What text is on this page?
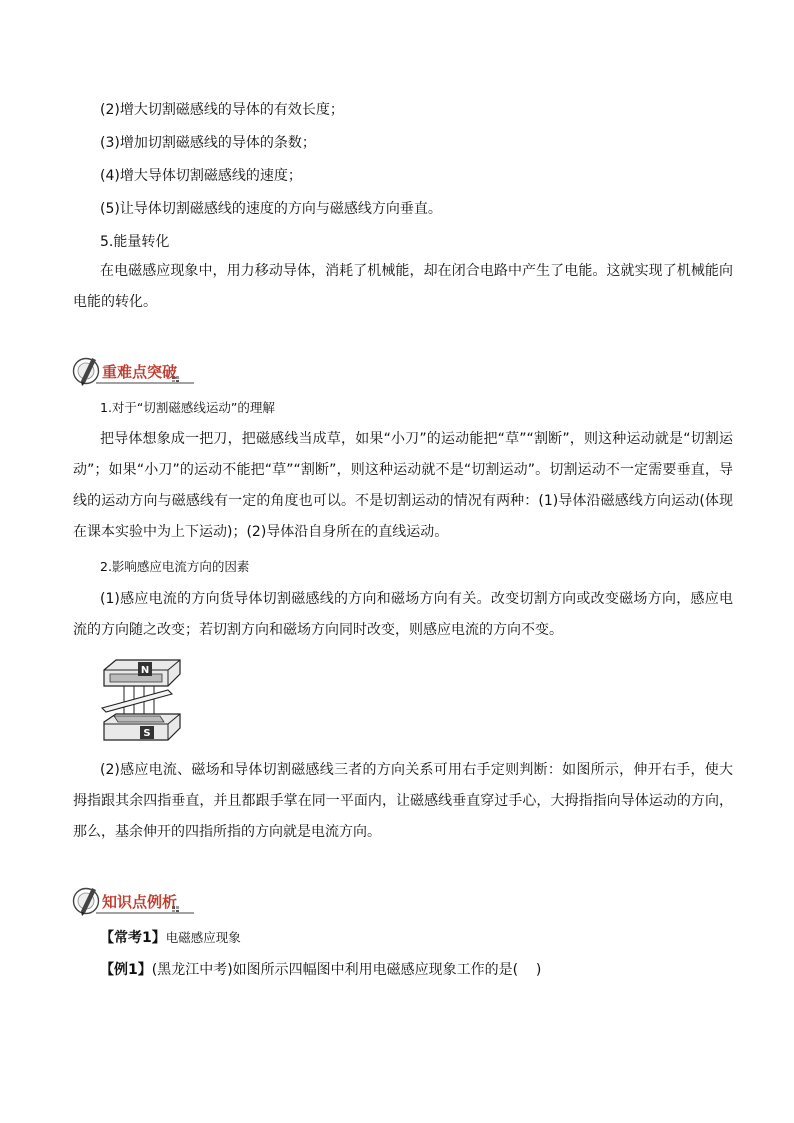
(2)增大切割磁感线的导体的有效长度；
(3)增加切割磁感线的导体的条数；
(4)增大导体切割磁感线的速度；
(5)让导体切割磁感线的速度的方向与磁感线方向垂直。
5.能量转化
在电磁感应现象中，用力移动导体，消耗了机械能，却在闭合电路中产生了电能。这就实现了机械能向电能的转化。
重难点突破
1.对于“切割磁感线运动”的理解
把导体想象成一把刀，把磁感线当成草，如果“小刀”的运动能把“草”“割断”，则这种运动就是“切割运动”；如果“小刀”的运动不能把“草”“割断”，则这种运动就不是“切割运动”。切割运动不一定需要垂直，导线的运动方向与磁感线有一定的角度也可以。不是切割运动的情况有两种：(1)导体沿磁感线方向运动(体现在课本实验中为上下运动)；(2)导体沿自身所在的直线运动。
2.影响感应电流方向的因素
(1)感应电流的方向货导体切割磁感线的方向和磁场方向有关。改变切割方向或改变磁场方向，感应电流的方向随之改变；若切割方向和磁场方向同时改变，则感应电流的方向不变。
N
S
(2)感应电流、磁场和导体切割磁感线三者的方向关系可用右手定则判断：如图所示，伸开右手，使大拇指跟其余四指垂直，并且都跟手掌在同一平面内，让磁感线垂直穿过手心，大拇指指向导体运动的方向，那么，基余伸开的四指所指的方向就是电流方向。
知识点例析
【常考1】电磁感应现象
【例1】(黑龙江中考)如图所示四幅图中利用电磁感应现象工作的是(    )
